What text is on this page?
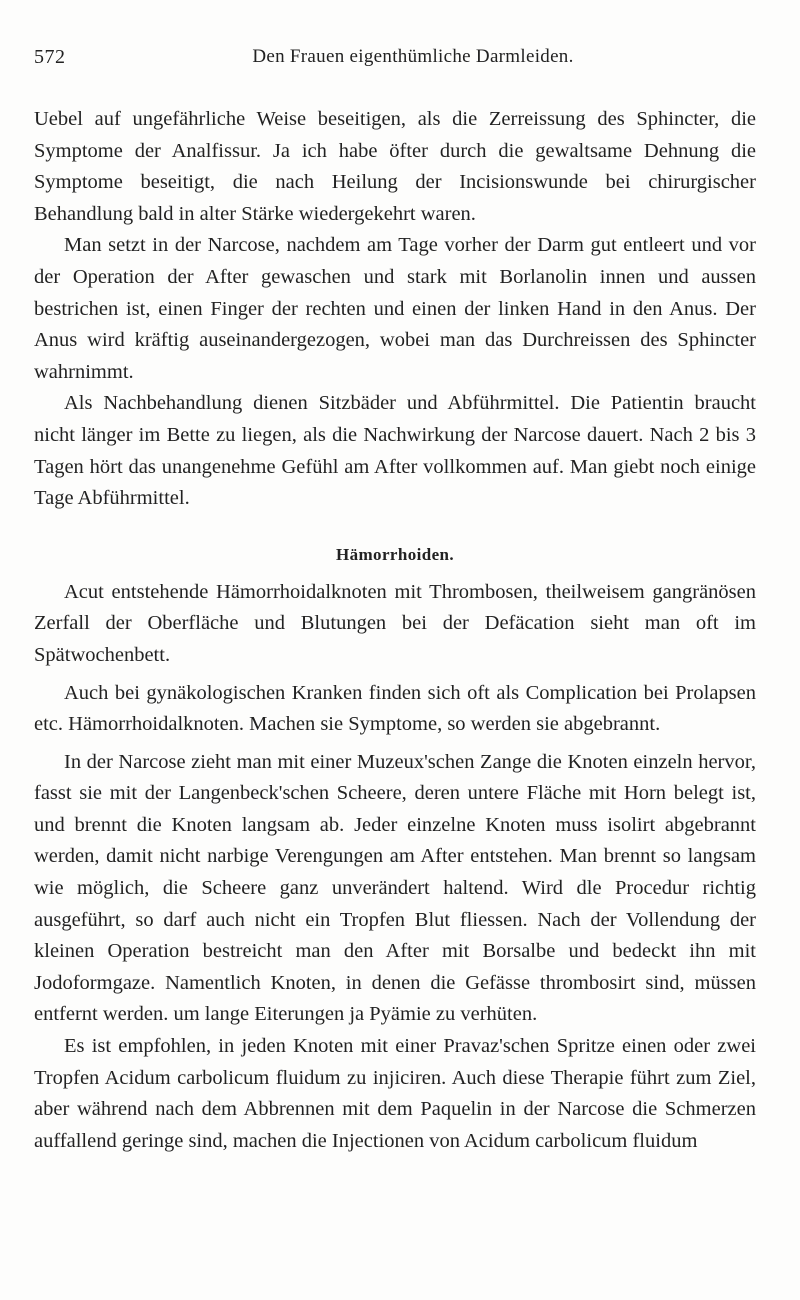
572	Den Frauen eigenthümliche Darmleiden.

Uebel auf ungefährliche Weise beseitigen, als die Zerreissung des Sphincter, die Symptome der Analfissur. Ja ich habe öfter durch die gewaltsame Dehnung die Symptome beseitigt, die nach Heilung der Incisionswunde bei chirurgischer Behandlung bald in alter Stärke wiedergekehrt waren.

Man setzt in der Narcose, nachdem am Tage vorher der Darm gut entleert und vor der Operation der After gewaschen und stark mit Borlanolin innen und aussen bestrichen ist, einen Finger der rechten und einen der linken Hand in den Anus. Der Anus wird kräftig auseinandergezogen, wobei man das Durchreissen des Sphincter wahrnimmt.

Als Nachbehandlung dienen Sitzbäder und Abführmittel. Die Patientin braucht nicht länger im Bette zu liegen, als die Nachwirkung der Narcose dauert. Nach 2 bis 3 Tagen hört das unangenehme Gefühl am After vollkommen auf. Man giebt noch einige Tage Abführmittel.

Hämorrhoiden.

Acut entstehende Hämorrhoidalknoten mit Thrombosen, theilweisem gangränösen Zerfall der Oberfläche und Blutungen bei der Defäcation sieht man oft im Spätwochenbett.

Auch bei gynäkologischen Kranken finden sich oft als Complication bei Prolapsen etc. Hämorrhoidalknoten. Machen sie Symptome, so werden sie abgebrannt.

In der Narcose zieht man mit einer Muzeux'schen Zange die Knoten einzeln hervor, fasst sie mit der Langenbeck'schen Scheere, deren untere Fläche mit Horn belegt ist, und brennt die Knoten langsam ab. Jeder einzelne Knoten muss isolirt abgebrannt werden, damit nicht narbige Verengungen am After entstehen. Man brennt so langsam wie möglich, die Scheere ganz unverändert haltend. Wird dle Procedur richtig ausgeführt, so darf auch nicht ein Tropfen Blut fliessen. Nach der Vollendung der kleinen Operation bestreicht man den After mit Borsalbe und bedeckt ihn mit Jodoformgaze. Namentlich Knoten, in denen die Gefässe thrombosirt sind, müssen entfernt werden. um lange Eiterungen ja Pyämie zu verhüten.

Es ist empfohlen, in jeden Knoten mit einer Pravaz'schen Spritze einen oder zwei Tropfen Acidum carbolicum fluidum zu injiciren. Auch diese Therapie führt zum Ziel, aber während nach dem Abbrennen mit dem Paquelin in der Narcose die Schmerzen auffallend geringe sind, machen die Injectionen von Acidum carbolicum fluidum
